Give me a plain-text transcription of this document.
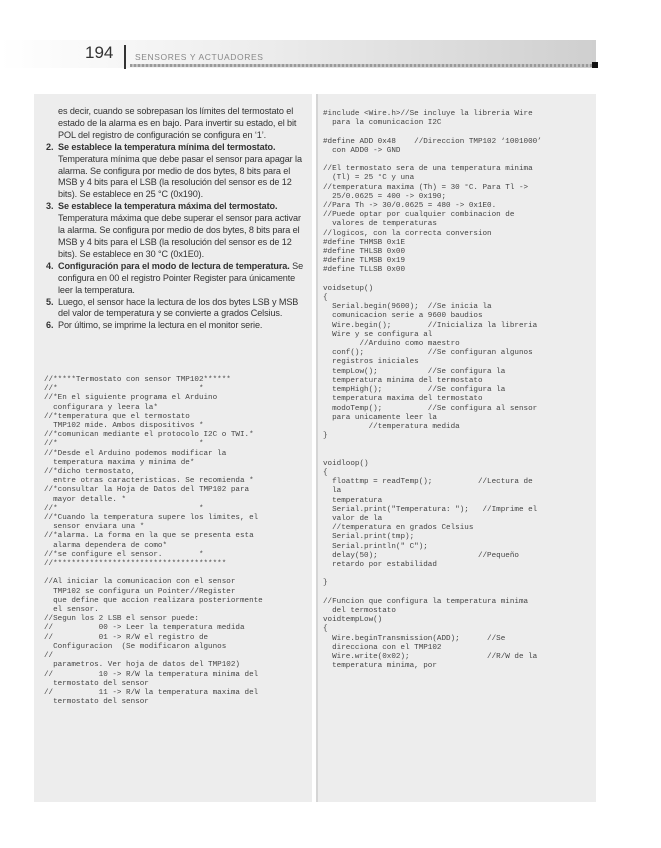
194	SENSORES Y ACTUADORES

es decir, cuando se sobrepasan los límites del termostato el estado de la alarma es en bajo. Para invertir su estado, el bit POL del registro de configuración se configura en ‘1’.

2. Se establece la temperatura mínima del termostato. Temperatura mínima que debe pasar el sensor para apagar la alarma. Se configura por medio de dos bytes, 8 bits para el MSB y 4 bits para el LSB (la resolución del sensor es de 12 bits). Se establece en 25 °C (0x190).

3. Se establece la temperatura máxima del termostato. Temperatura máxima que debe superar el sensor para activar la alarma. Se configura por medio de dos bytes, 8 bits para el MSB y 4 bits para el LSB (la resolución del sensor es de 12 bits). Se establece en 30 °C (0x1E0).

4. Configuración para el modo de lectura de temperatura. Se configura en 00 el registro Pointer Register para únicamente leer la temperatura.

5. Luego, el sensor hace la lectura de los dos bytes LSB y MSB del valor de temperatura y se convierte a grados Celsius.

6. Por último, se imprime la lectura en el monitor serie.

//*****Termostato con sensor TMP102******
//*                               *
//*En el siguiente programa el Arduino
configurara y leera la*
//*temperatura que el termostato
TMP102 mide. Ambos dispositivos *
//*comunican mediante el protocolo I2C o TWI.*
//*                               *
//*Desde el Arduino podemos modificar la
temperatura maxima y minima de*
//*dicho termostato,
entre otras caracteristicas. Se recomienda *
//*consultar la Hoja de Datos del TMP102 para
mayor detalle. *
//*                               *
//*Cuando la temperatura supere los limites, el
sensor enviara una *
//*alarma. La forma en la que se presenta esta
alarma dependera de como*
//*se configure el sensor.        *
//**************************************

//Al iniciar la comunicacion con el sensor
TMP102 se configura un Pointer//Register
que define que accion realizara posteriormente
el sensor.
//Segun los 2 LSB el sensor puede:
//          00 -> Leer la temperatura medida
//          01 -> R/W el registro de
Configuracion  (Se modificaron algunos
//
parametros. Ver hoja de datos del TMP102)
//          10 -> R/W la temperatura minima del
termostato del sensor
//          11 -> R/W la temperatura maxima del
termostato del sensor
#include <Wire.h>//Se incluye la libreria Wire
para la comunicacion I2C

#define ADD 0x48    //Direccion TMP102 ‘1001000’
con ADD0 -> GND

//El termostato sera de una temperatura minima
(Tl) = 25 °C y una
//temperatura maxima (Th) = 30 °C. Para Tl ->
25/0.0625 = 400 -> 0x190;
//Para Th -> 30/0.0625 = 480 -> 0x1E0.
//Puede optar por cualquier combinacion de
valores de temperaturas
//logicos, con la correcta conversion
#define THMSB 0x1E
#define THLSB 0x00
#define TLMSB 0x19
#define TLLSB 0x00

voidsetup()
{
Serial.begin(9600);  //Se inicia la
comunicacion serie a 9600 baudios
Wire.begin();        //Inicializa la libreria
Wire y se configura al
//Arduino como maestro
conf();              //Se configuran algunos
registros iniciales
tempLow();           //Se configura la
temperatura minima del termostato
tempHigh();          //Se configura la
temperatura maxima del termostato
modoTemp();          //Se configura al sensor
para unicamente leer la
//temperatura medida
}

voidloop()
{
floattmp = readTemp();          //Lectura de
la
temperatura
Serial.print("Temperatura: ");   //Imprime el
valor de la
//temperatura en grados Celsius
Serial.print(tmp);
Serial.println(" C");
delay(50);                      //Pequeño
retardo por estabilidad

}

//Funcion que configura la temperatura minima
del termostato
voidtempLow()
{
Wire.beginTransmission(ADD);      //Se
direcciona con el TMP102
Wire.write(0x02);                 //R/W de la
temperatura minima, por
